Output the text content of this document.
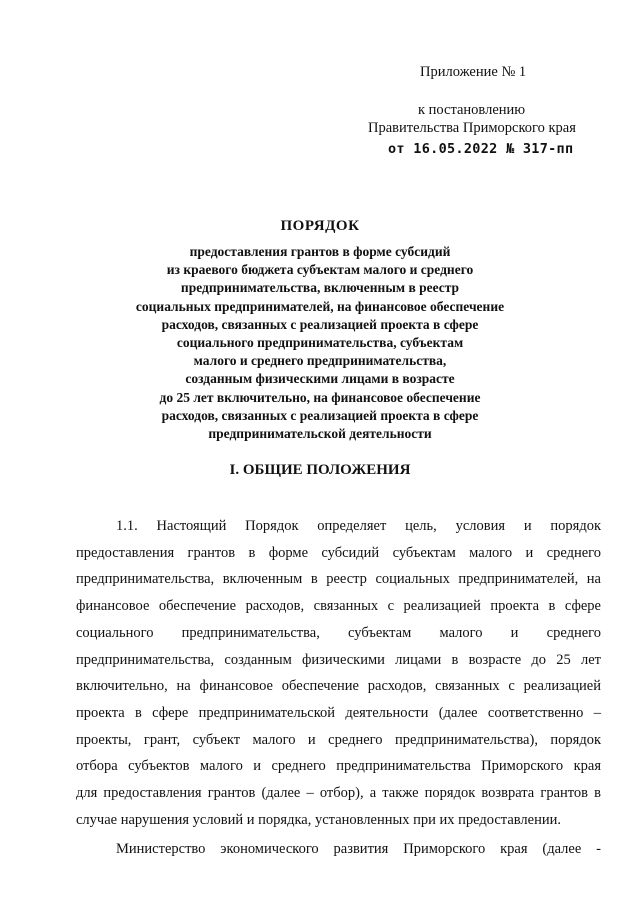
Приложение № 1
к постановлению
Правительства Приморского края
от 16.05.2022 № 317-пп
ПОРЯДОК
предоставления грантов в форме субсидий
из краевого бюджета субъектам малого и среднего
предпринимательства, включенным в реестр
социальных предпринимателей, на финансовое обеспечение
расходов, связанных с реализацией проекта в сфере
социального предпринимательства, субъектам
малого и среднего предпринимательства,
созданным физическими лицами в возрасте
до 25 лет включительно, на финансовое обеспечение
расходов, связанных с реализацией проекта в сфере
предпринимательской деятельности
I. ОБЩИЕ ПОЛОЖЕНИЯ
1.1. Настоящий Порядок определяет цель, условия и порядок
предоставления грантов в форме субсидий субъектам малого и среднего
предпринимательства, включенным в реестр социальных предпринимателей, на
финансовое обеспечение расходов, связанных с реализацией проекта в сфере
социального предпринимательства, субъектам малого и среднего
предпринимательства, созданным физическими лицами в возрасте до 25 лет
включительно, на финансовое обеспечение расходов, связанных с реализацией
проекта в сфере предпринимательской деятельности (далее соответственно –
проекты, грант, субъект малого и среднего предпринимательства), порядок
отбора субъектов малого и среднего предпринимательства Приморского края
для предоставления грантов (далее – отбор), а также порядок возврата грантов в
случае нарушения условий и порядка, установленных при их предоставлении.
Министерство экономического развития Приморского края (далее -
